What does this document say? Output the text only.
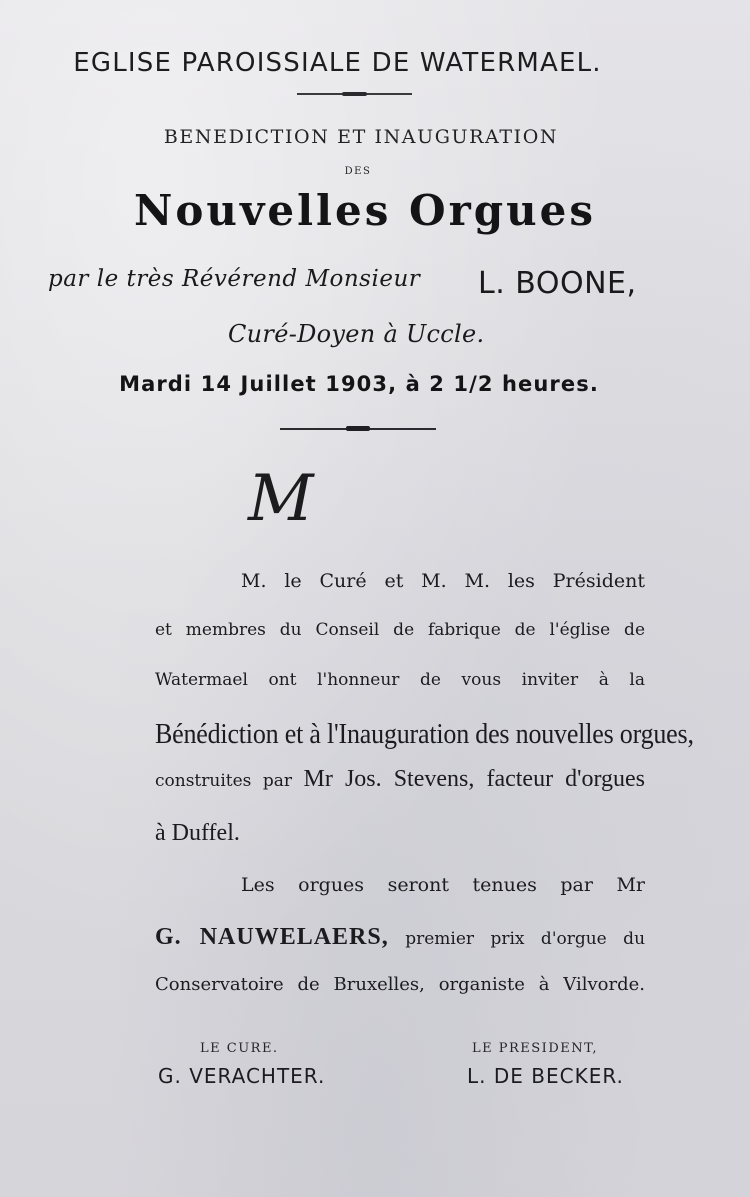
EGLISE PAROISSIALE DE WATERMAEL.
BENEDICTION ET INAUGURATION
DES
Nouvelles Orgues
par le très Révérend Monsieur L. BOONE,
Curé-Doyen à Uccle.
Mardi 14 Juillet 1903, à 2 1/2 heures.
M
M. le Curé et M. M. les Président
et membres du Conseil de fabrique de l'église de
Watermael ont l'honneur de vous inviter à la
Bénédiction et à l'Inauguration des nouvelles orgues,
construites par Mr Jos. Stevens, facteur d'orgues
à Duffel.
Les orgues seront tenues par Mr
G. NAUWELAERS, premier prix d'orgue du
Conservatoire de Bruxelles, organiste à Vilvorde.
LE CURE.
G. VERACHTER.
LE PRESIDENT,
L. DE BECKER.
